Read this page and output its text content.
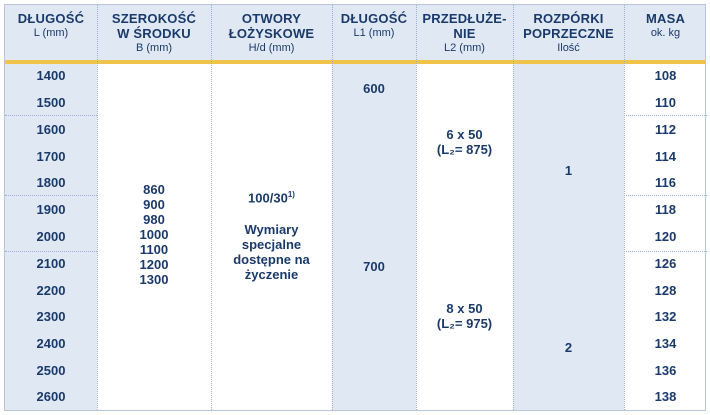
DŁUGOŚĆ
L (mm)
SZEROKOŚĆ
W ŚRODKU
B (mm)
OTWORY
ŁOŻYSKOWE
H/d (mm)
DŁUGOŚĆ
L1 (mm)
PRZEDŁUŻE-
NIE
L2 (mm)
ROZPÓRKI
POPRZECZNE
Ilość
MASA
ok. kg
1400
1500
1600
1700
1800
1900
2000
2100
2200
2300
2400
2500
2600
108
110
112
114
116
118
120
126
128
132
134
136
138
860
900
980
1000
1100
1200
1300
100/30$^{1)}$
Wymiary
specjalne
dostępne na
życzenie
600
700
6 x 50
(L₂= 875)
8 x 50
(L₂= 975)
1
2
